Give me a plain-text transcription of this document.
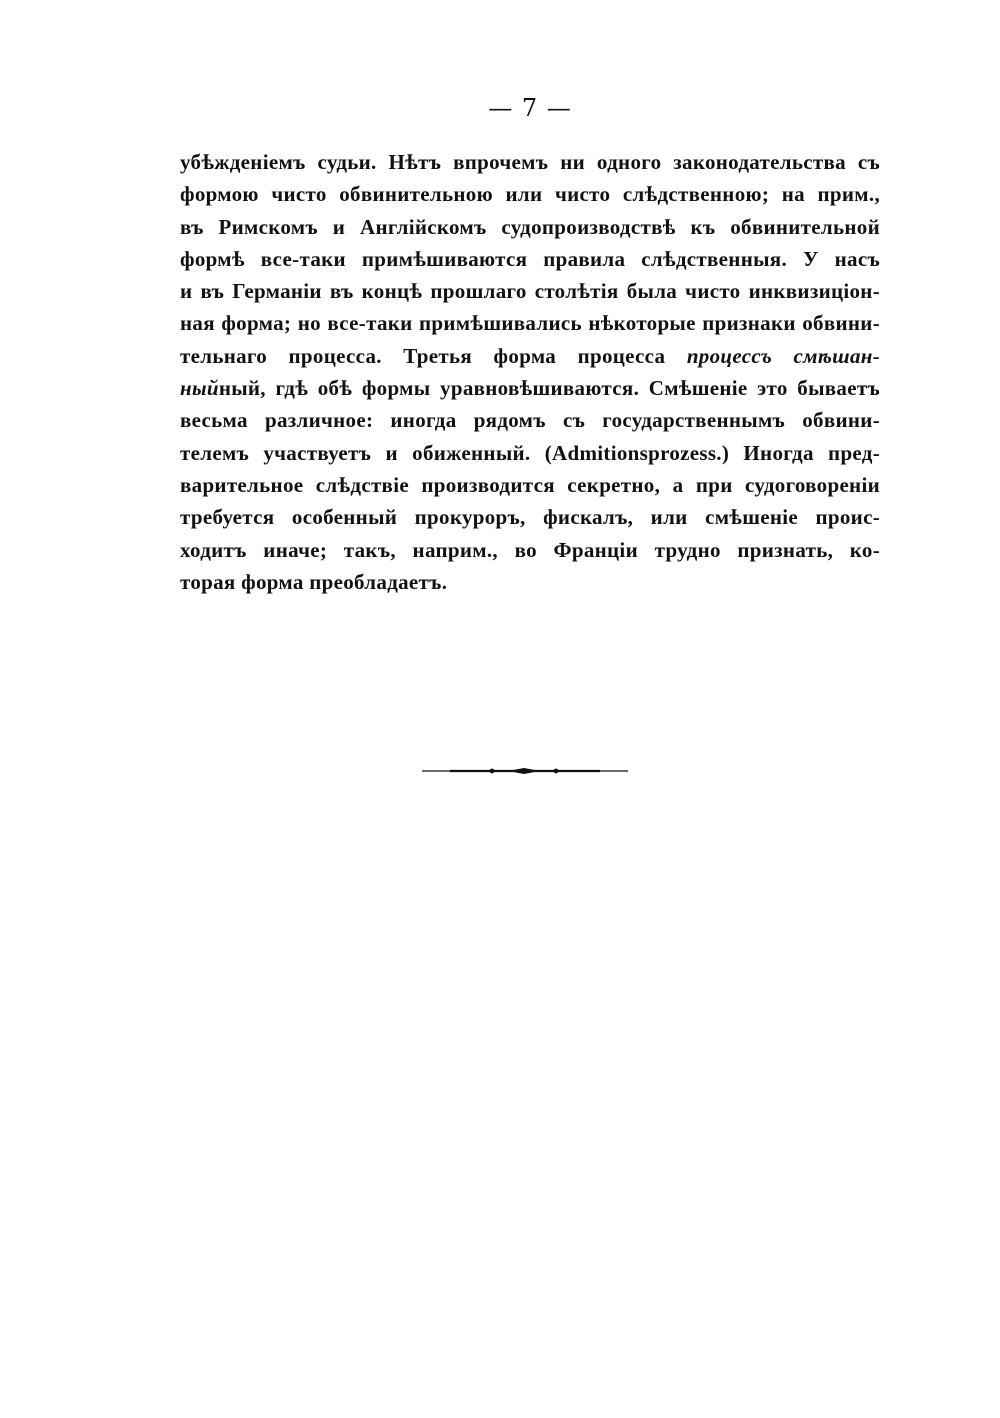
— 7 —
убѣжденіемъ судьи. Нѣтъ впрочемъ ни одного законодательства съ
формою чисто обвинительною или чисто слѣдственною; на прим.,
въ Римскомъ и Англійскомъ судопроизводствѣ къ обвинительной
формѣ все-таки примѣшиваются правила слѣдственныя. У насъ
и въ Германіи въ концѣ прошлаго столѣтія была чисто инквизицiон-
ная форма; но все-таки примѣшивались нѣкоторые признаки обвини-
тельнаго процесса. Третья форма процесса процессъ смѣшан-
ныйный, гдѣ обѣ формы уравновѣшиваются. Смѣшеніе это бываетъ
весьма различное: иногда рядомъ съ государственнымъ обвини-
телемъ участвуетъ и обиженный. (Admitionsprozess.) Иногда пред-
варительное слѣдствіе производится секретно, а при судоговореніи
требуется особенный прокуроръ, фискалъ, или смѣшеніе проис-
ходитъ иначе; такъ, наприм., во Франціи трудно признать, ко-
торая форма преобладаетъ.
